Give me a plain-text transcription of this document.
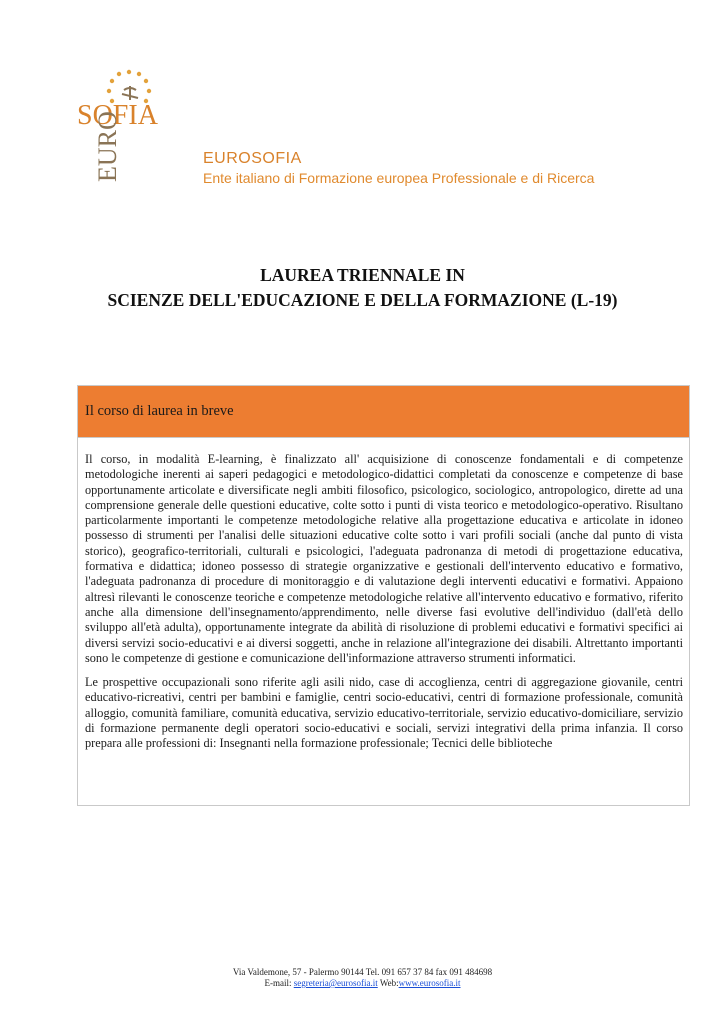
SOFIA
EURO	EUROSOFIA
Ente italiano di Formazione europea Professionale e di Ricerca
LAUREA TRIENNALE IN
SCIENZE DELL'EDUCAZIONE E DELLA FORMAZIONE (L-19)
Il corso di laurea in breve

Il corso, in modalità E-learning, è finalizzato all' acquisizione di conoscenze fondamentali e di competenze metodologiche inerenti ai saperi pedagogici e metodologico-didattici completati da conoscenze e competenze di base opportunamente articolate e diversificate negli ambiti filosofico, psicologico, sociologico, antropologico, dirette ad una comprensione generale delle questioni educative, colte sotto i punti di vista teorico e metodologico-operativo. Risultano particolarmente importanti le competenze metodologiche relative alla progettazione educativa e articolate in idoneo possesso di strumenti per l'analisi delle situazioni educative colte sotto i vari profili sociali (anche dal punto di vista storico), geografico-territoriali, culturali e psicologici, l'adeguata padronanza di metodi di progettazione educativa, formativa e didattica; idoneo possesso di strategie organizzative e gestionali dell'intervento educativo e formativo, l'adeguata padronanza di procedure di monitoraggio e di valutazione degli interventi educativi e formativi. Appaiono altresì rilevanti le conoscenze teoriche e competenze metodologiche relative all'intervento educativo e formativo, riferito anche alla dimensione dell'insegnamento/apprendimento, nelle diverse fasi evolutive dell'individuo (dall'età dello sviluppo all'età adulta), opportunamente integrate da abilità di risoluzione di problemi educativi e formativi specifici ai diversi servizi socio-educativi e ai diversi soggetti, anche in relazione all'integrazione dei disabili. Altrettanto importanti sono le competenze di gestione e comunicazione dell'informazione attraverso strumenti informatici.

Le prospettive occupazionali sono riferite agli asili nido, case di accoglienza, centri di aggregazione giovanile, centri educativo-ricreativi, centri per bambini e famiglie, centri socio-educativi, centri di formazione professionale, comunità alloggio, comunità familiare, comunità educativa, servizio educativo-territoriale, servizio educativo-domiciliare, servizio di formazione permanente degli operatori socio-educativi e sociali, servizi integrativi della prima infanzia. Il corso prepara alle professioni di: Insegnanti nella formazione professionale; Tecnici delle biblioteche

Via Valdemone, 57 - Palermo 90144 Tel. 091 657 37 84 fax 091 484698
E-mail: segreteria@eurosofia.it Web:www.eurosofia.it
